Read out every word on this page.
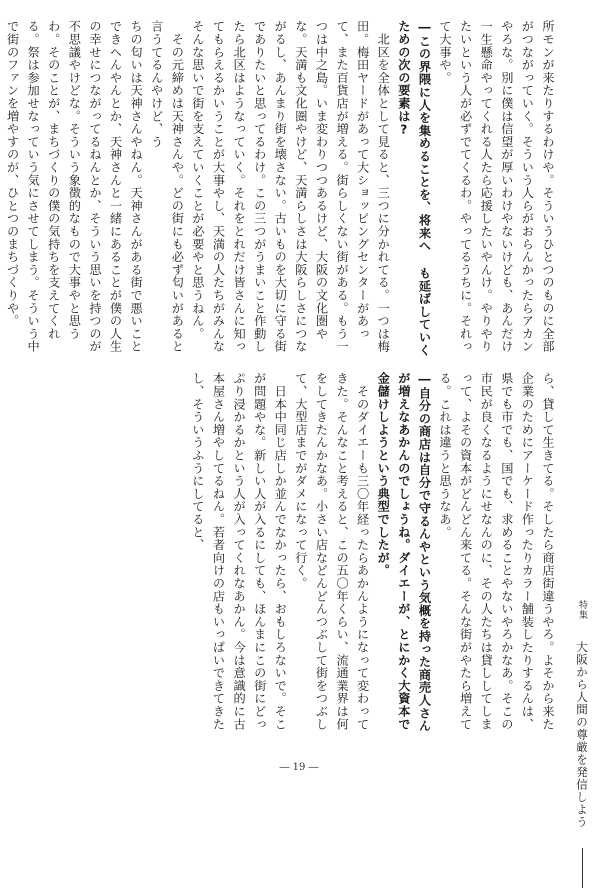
所モンが来たりするわけや。そういうひとつのものに全部がつながっていく。そういう人らがおらんかったらアカンやろな。別に僕は信望が厚いわけやないけども、あんだけ一生懸命やってくれる人たら応援したいやんけ。やりやりたいという人が必ずでてくるわ。やってるうちに。それって大事や。

―この界隈に人を集めることを、将来へ も延ばしていくための次の要素は?

　北区を全体として見ると、三つに分かれてる。一つは梅田。梅田ヤードがあって大ショッピングセンターがあって、また百貨店が増える。街らしくない街がある。もう一つは中之島。いま変わりつつあるけど、大阪の文化圏やな。天満も文化圏やけど、天満らしさは大阪らしさにつながるし、あんまり街を壊さない。古いものを大切に守る街でありたいと思ってるわけ。この三つがうまいこと作動したら北区はようなっていく。それをとれだけ皆さんに知ってもらえるかいうことが大事やし、天満の人たちがみんなそんな思いで街を支えていくことが必要やと思うねん。

　その元締めは天神さんや。どの街にも必ず匂いがあると言うてるんやけど、う

ちの匂いは天神さんやねん。天神さんがある街で悪いことできへんやんとか、天神さんと一緒にあることが僕の人生の幸せにつながってるねんとか、そういう思いを持つのが不思議やけどな。そういう象徴的なもので大事やと思うわ。そのことが、まちづくりの僕の気持ちを支えてくれる。祭は参加せなっていう気にさせてしまう。そういう中で街のファンを増やすのが、ひとつのまちづくりや。

ら、貸して生きてる。そしたら商店街違うやろ。よそから来た企業のためにアーケード作ったりカラー舗装したりするんは、県でも市でも、国でも、求めることやないやろかなあ。そこの市民が良くなるようにせなんのに、その人たちは貸ししてしまって、よその資本がどんどん来てる。そんな街がやたら増えてる。これは違うと思うなあ。

―自分の商店は自分で守るんやという気概を持った商売人さんが増えなあかんのでしょうね。ダイエーが、とにかく大資本で金儲けしようという典型でしたが。

　そのダイエーも三〇年経ったらあかんようになって変わってきた。そんなこと考えると、この五〇年くらい、流通業界は何をしてきたんかなあ。小さい店などんどんつぶして街をつぶして、大型店までがダメになって行く。

　日本中同じ店しか並んでなかったら、おもしろないで。そこが問題やな。新しい人が入るにしても、ほんまにこの街にどっぷり浸かるかという人が入ってくれなあかん。今は意識的に古本屋さん増やしてるねん。若者向けの店もいっぱいできてきたし、そういうふうにしてると、

特集 大阪から人間の尊厳を発信しよう
― 19 ―
